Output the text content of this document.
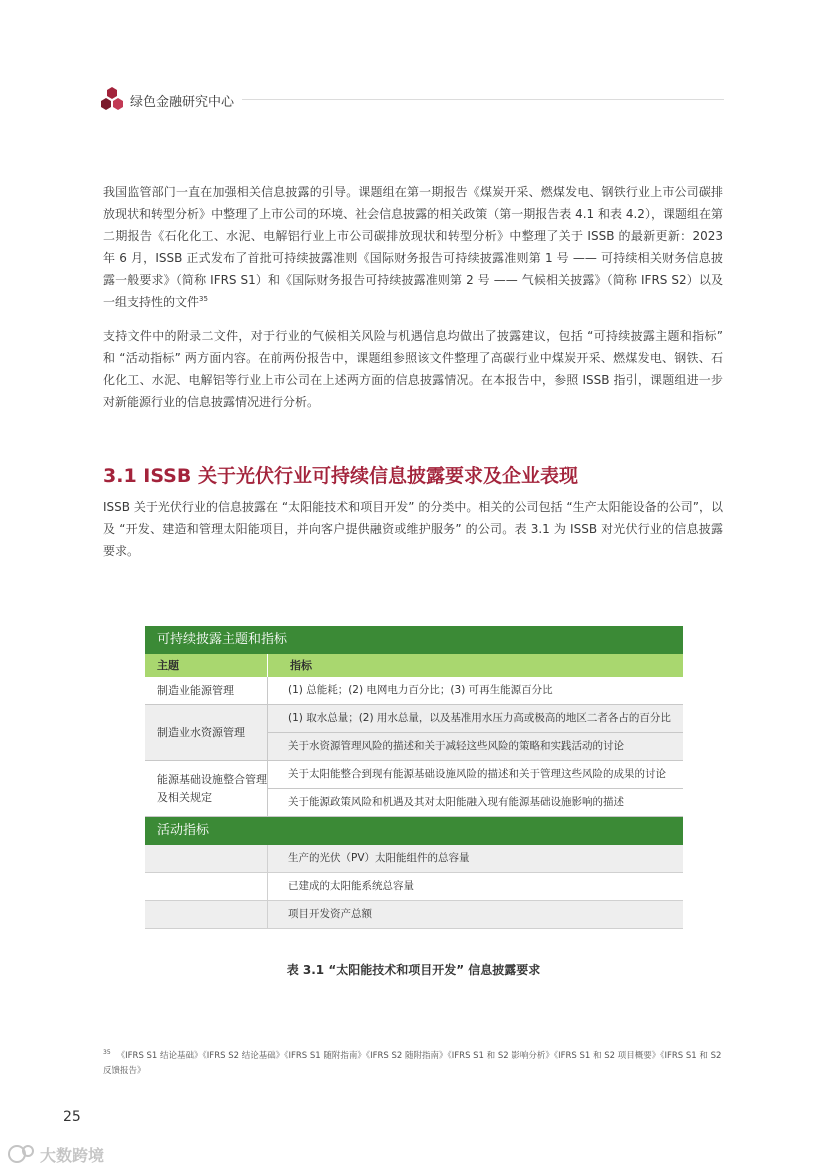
绿色金融研究中心

我国监管部门一直在加强相关信息披露的引导。课题组在第一期报告《煤炭开采、燃煤发电、钢铁行业上市公司碳排放现状和转型分析》中整理了上市公司的环境、社会信息披露的相关政策（第一期报告表 4.1 和表 4.2），课题组在第二期报告《石化化工、水泥、电解铝行业上市公司碳排放现状和转型分析》中整理了关于 ISSB 的最新更新：2023 年 6 月，ISSB 正式发布了首批可持续披露准则《国际财务报告可持续披露准则第 1 号 —— 可持续相关财务信息披露一般要求》（简称 IFRS S1）和《国际财务报告可持续披露准则第 2 号 —— 气候相关披露》（简称 IFRS S2）以及一组支持性的文件$^{35}$

支持文件中的附录二文件，对于行业的气候相关风险与机遇信息均做出了披露建议，包括 “可持续披露主题和指标” 和 “活动指标” 两方面内容。在前两份报告中，课题组参照该文件整理了高碳行业中煤炭开采、燃煤发电、钢铁、石化化工、水泥、电解铝等行业上市公司在上述两方面的信息披露情况。在本报告中，参照 ISSB 指引，课题组进一步对新能源行业的信息披露情况进行分析。

3.1 ISSB 关于光伏行业可持续信息披露要求及企业表现

ISSB 关于光伏行业的信息披露在 “太阳能技术和项目开发” 的分类中。相关的公司包括 “生产太阳能设备的公司”，以及 “开发、建造和管理太阳能项目，并向客户提供融资或维护服务” 的公司。表 3.1 为 ISSB 对光伏行业的信息披露要求。

可持续披露主题和指标
主题	指标
制造业能源管理	(1) 总能耗；(2) 电网电力百分比；(3) 可再生能源百分比
制造业水资源管理
(1) 取水总量；(2) 用水总量，以及基准用水压力高或极高的地区二者各占的百分比
关于水资源管理风险的描述和关于减轻这些风险的策略和实践活动的讨论
能源基础设施整合管理及相关规定
关于太阳能整合到现有能源基础设施风险的描述和关于管理这些风险的成果的讨论
关于能源政策风险和机遇及其对太阳能融入现有能源基础设施影响的描述
活动指标
生产的光伏（PV）太阳能组件的总容量
已建成的太阳能系统总容量
项目开发资产总额
表 3.1 “太阳能技术和项目开发” 信息披露要求
$^{35}$ 《IFRS S1 结论基础》《IFRS S2 结论基础》《IFRS S1 随附指南》《IFRS S2 随附指南》《IFRS S1 和 S2 影响分析》《IFRS S1 和 S2 项目概要》《IFRS S1 和 S2 反馈报告》
25
大数跨境
